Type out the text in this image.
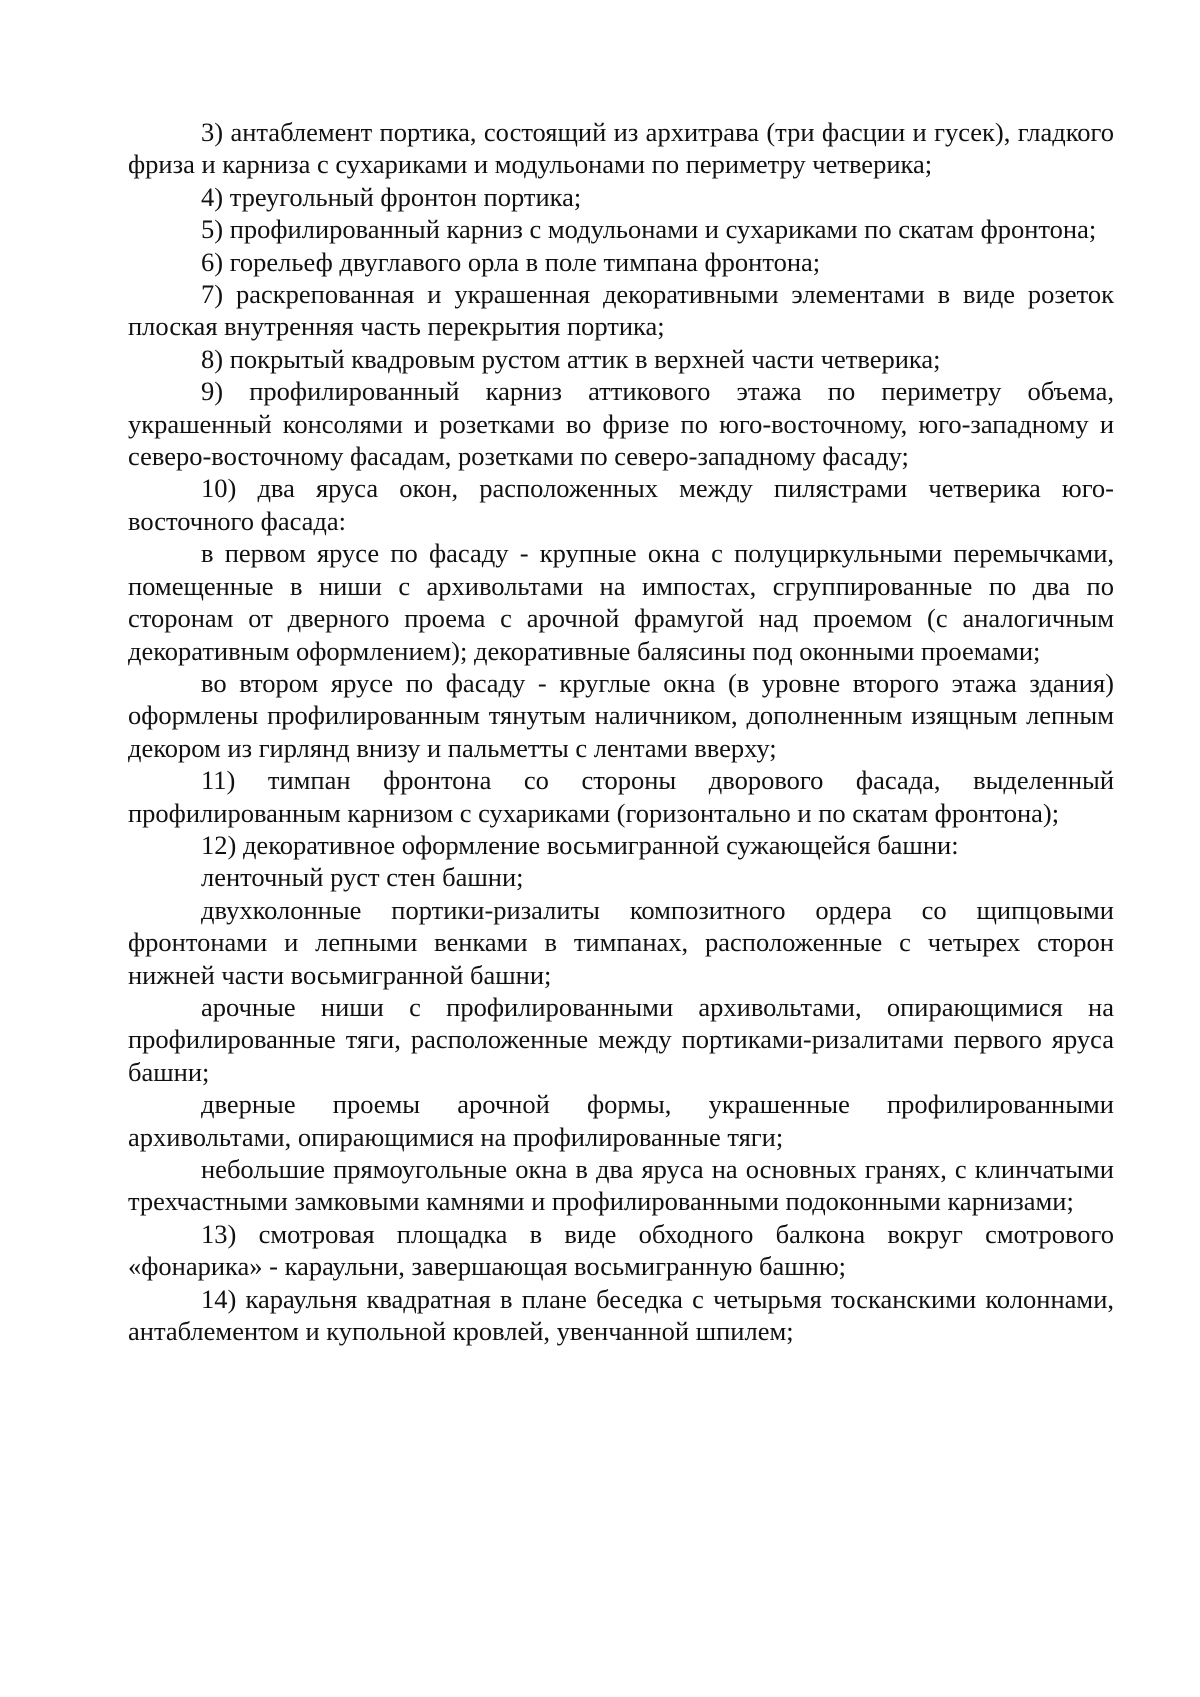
3) антаблемент портика, состоящий из архитрава (три фасции и гусек), гладкого фриза и карниза с сухариками и модульонами по периметру четверика;

4) треугольный фронтон портика;

5) профилированный карниз с модульонами и сухариками по скатам фронтона;

6) горельеф двуглавого орла в поле тимпана фронтона;

7) раскрепованная и украшенная декоративными элементами в виде розеток плоская внутренняя часть перекрытия портика;

8) покрытый квадровым рустом аттик в верхней части четверика;

9) профилированный карниз аттикового этажа по периметру объема, украшенный консолями и розетками во фризе по юго-восточному, юго-западному и северо-восточному фасадам, розетками по северо-западному фасаду;

10) два яруса окон, расположенных между пилястрами четверика юго-восточного фасада:

в первом ярусе по фасаду - крупные окна с полуциркульными перемычками, помещенные в ниши с архивольтами на импостах, сгруппированные по два по сторонам от дверного проема с арочной фрамугой над проемом (с аналогичным декоративным оформлением); декоративные балясины под оконными проемами;

во втором ярусе по фасаду - круглые окна (в уровне второго этажа здания) оформлены профилированным тянутым наличником, дополненным изящным лепным декором из гирлянд внизу и пальметты с лентами вверху;

11) тимпан фронтона со стороны дворового фасада, выделенный профилированным карнизом с сухариками (горизонтально и по скатам фронтона);

12) декоративное оформление восьмигранной сужающейся башни:

ленточный руст стен башни;

двухколонные портики-ризалиты композитного ордера со щипцовыми фронтонами и лепными венками в тимпанах, расположенные с четырех сторон нижней части восьмигранной башни;

арочные ниши с профилированными архивольтами, опирающимися на профилированные тяги, расположенные между портиками-ризалитами первого яруса башни;

дверные проемы арочной формы, украшенные профилированными архивольтами, опирающимися на профилированные тяги;

небольшие прямоугольные окна в два яруса на основных гранях, с клинчатыми трехчастными замковыми камнями и профилированными подоконными карнизами;

13) смотровая площадка в виде обходного балкона вокруг смотрового «фонарика» - караульни, завершающая восьмигранную башню;

14) караульня квадратная в плане беседка с четырьмя тосканскими колоннами, антаблементом и купольной кровлей, увенчанной шпилем;
